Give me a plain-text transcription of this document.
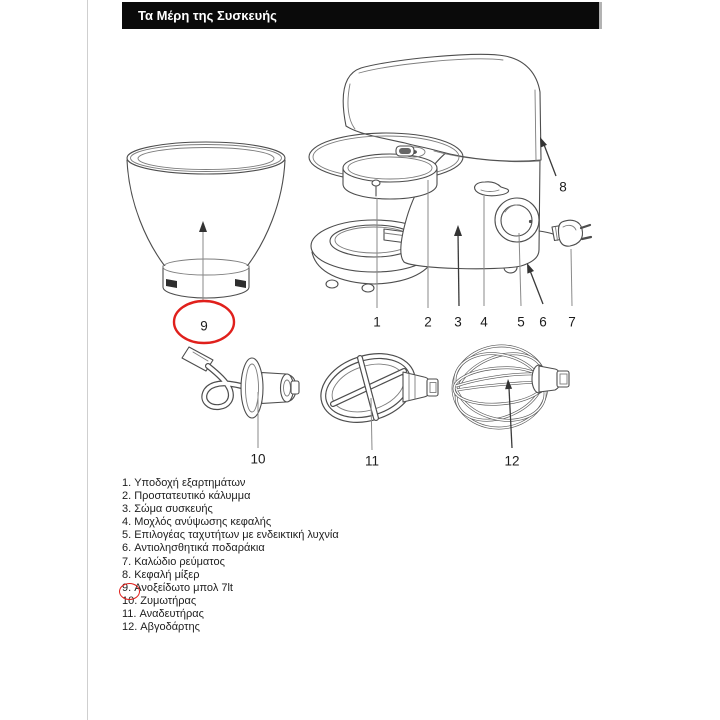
Τα Μέρη της Συσκευής
1	2 3 4 5 6 7
8
9
10	11	12
1. Υποδοχή εξαρτημάτων
2. Προστατευτικό κάλυμμα
3. Σώμα συσκευής
4. Μοχλός ανύψωσης κεφαλής
5. Επιλογέας ταχυτήτων με ενδεικτική λυχνία
6. Αντιολησθητικά ποδαράκια
7. Καλώδιο ρεύματος
8. Κεφαλή μίξερ
9. Ανοξείδωτο μπολ 7lt
10. Ζυμωτήρας
11. Αναδευτήρας
12. Αβγοδάρτης
